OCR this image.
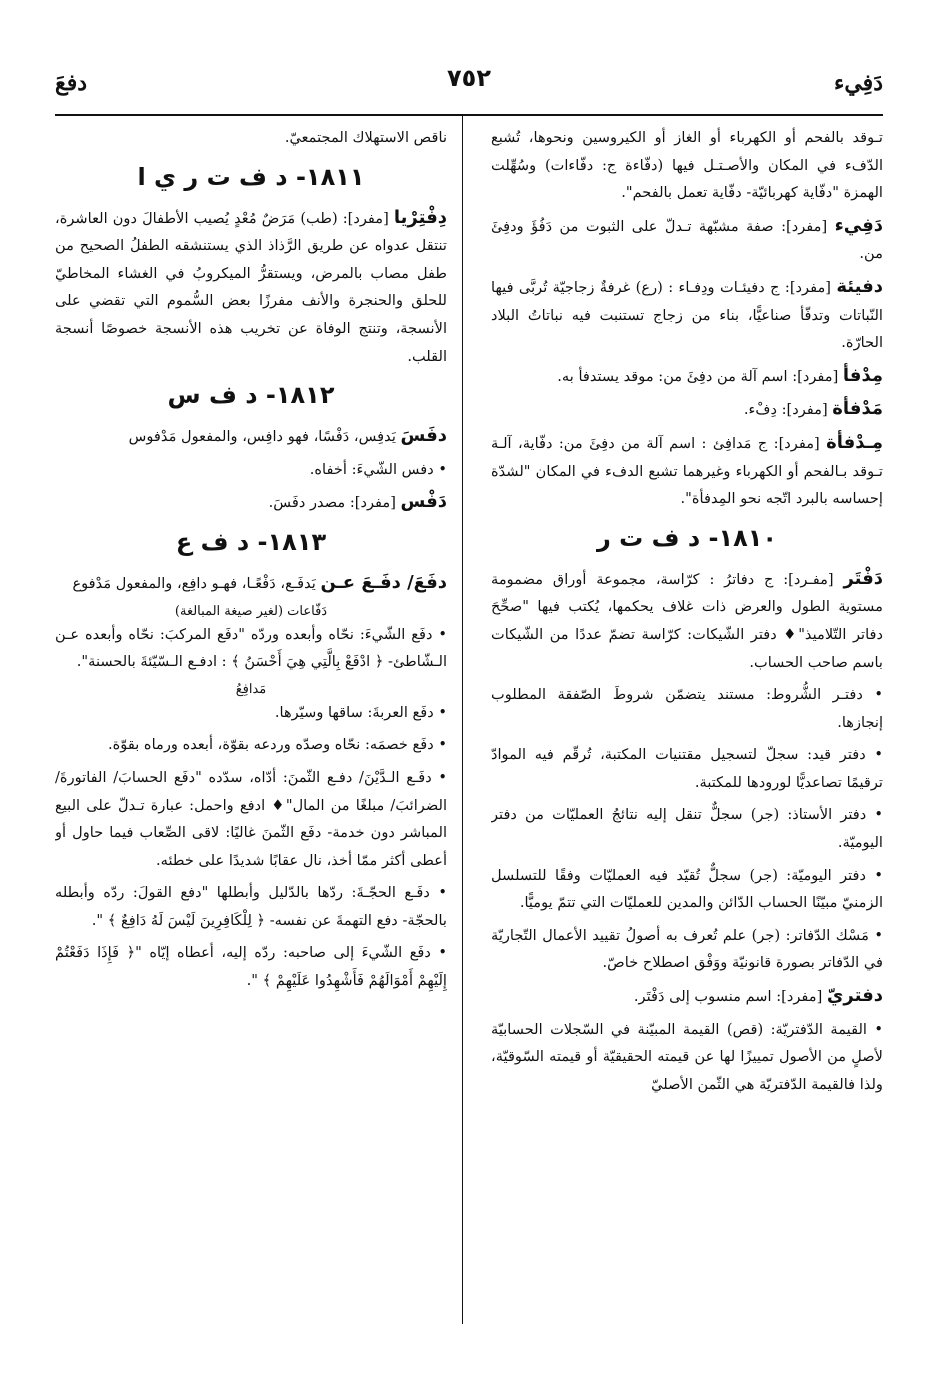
دَفِيء
٧٥٢
دفعَ
تـوقد بالفحم أو الكهرباء أو الغاز أو الكيروسين ونحوها، تُشبع الدّفء في المكان والأصـتـل فيها (دفّاءة ج: دفّاءات) وسُهِّلت الهمزة "دفّاية كهربائيّة- دفّاية تعمل بالفحم".
دَفِيء [مفرد]: صفة مشبّهة تـدلّ على الثبوت من دَفُؤَ ودفِئَ من.
دفيئة [مفرد]: ج دفيئـات ودِفـاء : (رع) غرفةٌ زجاجيّة تُربَّى فيها النّباتات وتدفّأ صناعيًّا، بناء من زجاج تستنبت فيه نباتاتُ البلاد الحارّة.
مِدْفأ [مفرد]: اسم آلة من دفِئَ من: موقد يستدفأ به.
مَدْفأة [مفرد]: دِفْء.
مِـدْفأة [مفرد]: ج مَدافِئ : اسم آلة من دفِئَ من: دفّاية، آلـة تـوقد بـالفحم أو الكهرباء وغيرهما تشبع الدفء في المكان "لشدّة إحساسه بالبرد اتّجه نحو المِدفأة".
١٨١٠- د ف ت ر
دَفْتَر [مفـرد]: ج دفاترُ : كرّاسة، مجموعة أوراق مضمومة مستوية الطول والعرض ذات غلاف يحكمها، يُكتب فيها "صحِّحَ دفاتر التّلاميذ"♦ دفتر الشّيكات: كرّاسة تضمّ عددًا من الشّيكات باسم صاحب الحساب.
• دفتـر الشُّروط: مستند يتضمّن شروطَ الصّفقة المطلوب إنجازها.
• دفتر قيد: سجلّ لتسجيل مقتنيات المكتبة، تُرقّم فيه الموادّ ترقيمًا تصاعديًّا لورودها للمكتبة.
• دفتر الأستاذ: (جر) سجلٌّ تنقل إليه نتائجُ العمليّات من دفتر اليوميّة.
• دفتر اليوميّة: (جر) سجلٌّ تُقيّد فيه العمليّات وفقًا للتسلسل الزمنيّ مبيّنًا الحساب الدّائن والمدين للعمليّات التي تتمّ يوميًّا.
• مَسْك الدّفاتر: (جر) علم تُعرف به أصولُ تقييد الأعمال التّجاريّة في الدّفاتر بصورة قانونيّة ووَفْق اصطلاح خاصّ.
دفتريّ [مفرد]: اسم منسوب إلى دَفْتَر.
• القيمة الدّفتريّة: (قص) القيمة المبيّنة في السّجلات الحسابيّة لأصلٍ من الأصول تمييزًا لها عن قيمته الحقيقيّة أو قيمته السّوقيّة، ولذا فالقيمة الدّفتريّة هي الثّمن الأصليّ
ناقص الاستهلاك المجتمعيّ.
١٨١١- د ف ت ر ي ا
دِفْتِرْيا [مفرد]: (طب) مَرَضٌ مُعْدٍ يُصيب الأطفالَ دون العاشرة، تنتقل عدواه عن طريق الرَّذاذ الذي يستنشقه الطفلُ الصحيح من طفل مصاب بالمرض، ويستقرُّ الميكروبُ في الغشاء المخاطيّ للحلق والحنجرة والأنف مفرزًا بعض السُّموم التي تقضي على الأنسجة، وتنتج الوفاة عن تخريب هذه الأنسجة خصوصًا أنسجة القلب.
١٨١٢- د ف س
دفَسَ يَدفِس، دَفْسًا، فهو دافِس، والمفعول مَدْفوس
• دفس الشّيءَ: أخفاه.
دَفْس [مفرد]: مصدر دفَسَ.
١٨١٣- د ف ع
دفَعَ/ دفَـعَ عـن يَدفَـع، دَفْعًـا، فهـو دافِع، والمفعول مَدْفوع
دَفّاعات (لغير صيغة المبالغة)
• دفَع الشّيءَ: نحّاه وأبعده وردّه "دفَع المركبَ: نحّاه وأبعده عـن الـشّاطئ- ﴿ ادْفَعْ بِالَّتِي هِيَ أَحْسَنُ ﴾ : ادفـع الـسّيّئةَ بالحسنة".
مَدافِعُ
• دفَع العربةَ: ساقها وسيّرها.
• دفَع خصمَه: نحّاه وصدّه وردعه بقوّة، أبعده ورماه بقوّة.
• دفَـع الـدَّيْنَ/ دفـع الثّمنَ: أدّاه، سدّده "دفَع الحسابَ/ الفاتورةَ/ الضرائبَ/ مبلغًا من المال"♦ ادفع واحمل: عبارة تـدلّ على البيع المباشر دون خدمة- دفَع الثّمنَ غاليًا: لاقى الصِّعاب فيما حاول أو أعطى أكثر ممّا أخذ، نال عقابًا شديدًا على خطئه.
• دفَـع الحجّـةَ: ردّها بالدّليل وأبطلها "دفع القولَ: ردّه وأبطله بالحجّة- دفع التهمةَ عن نفسه- ﴿ لِلْكَافِرِينَ لَيْسَ لَهُ دَافِعٌ ﴾ ".
• دفَع الشّيءَ إلى صاحبه: ردّه إليه، أعطاه إيّاه "﴿ فَإِذَا دَفَعْتُمْ إِلَيْهِمْ أَمْوَالَهُمْ فَأَشْهِدُوا عَلَيْهِمْ ﴾ ".
